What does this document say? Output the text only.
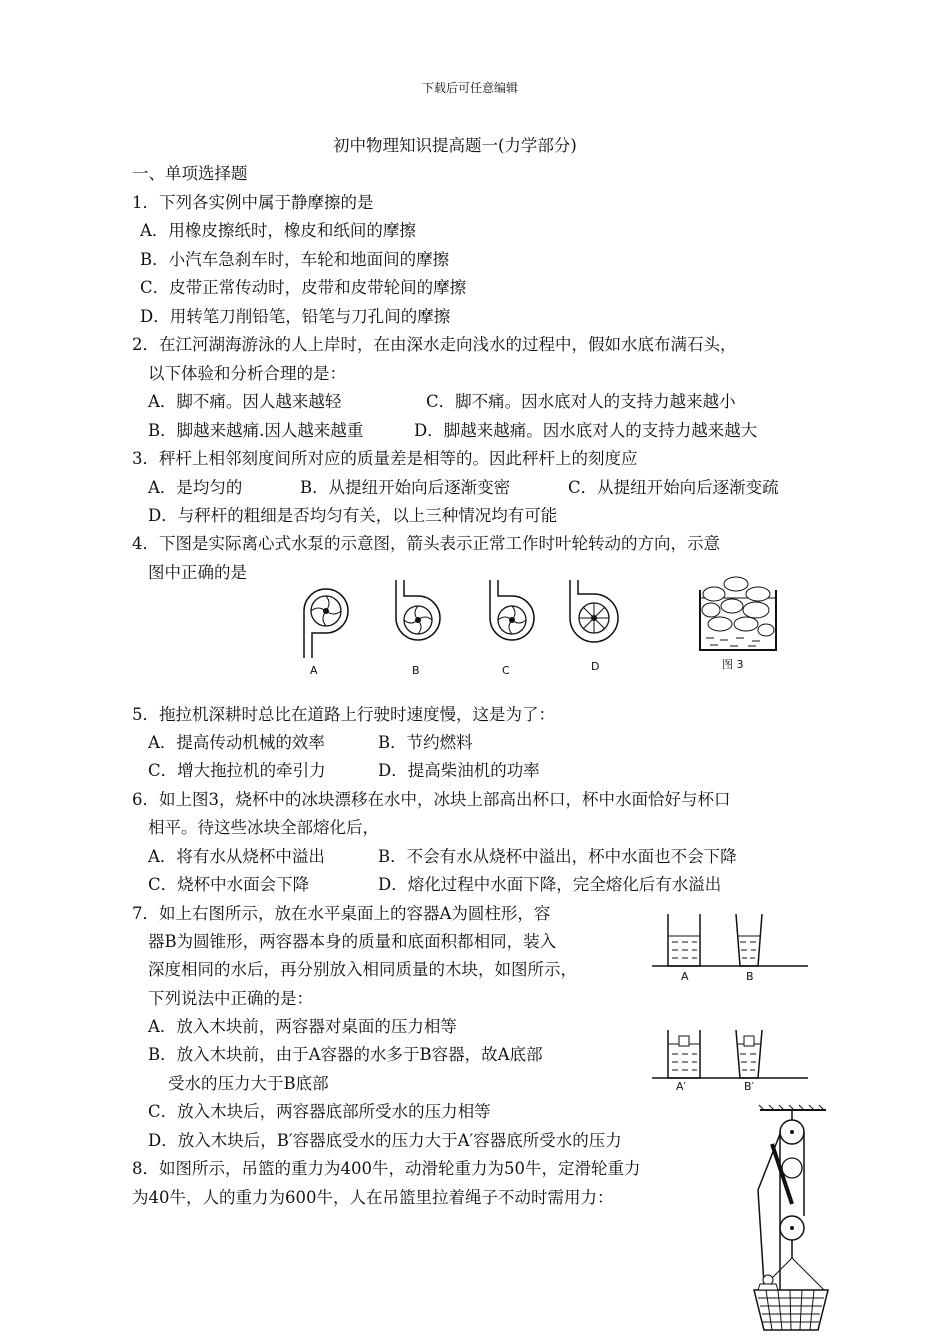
下载后可任意编辑
初中物理知识提高题一(力学部分)
一、单项选择题
1．下列各实例中属于静摩擦的是
A．用橡皮擦纸时，橡皮和纸间的摩擦
B．小汽车急刹车时，车轮和地面间的摩擦
C．皮带正常传动时，皮带和皮带轮间的摩擦
D．用转笔刀削铅笔，铅笔与刀孔间的摩擦
2．在江河湖海游泳的人上岸时，在由深水走向浅水的过程中，假如水底布满石头，
以下体验和分析合理的是：
A．脚不痛。因人越来越轻	C．脚不痛。因水底对人的支持力越来越小
B．脚越来越痛.因人越来越重	D．脚越来越痛。因水底对人的支持力越来越大
3．秤杆上相邻刻度间所对应的质量差是相等的。因此秤杆上的刻度应
A．是均匀的	B．从提纽开始向后逐渐变密	C．从提纽开始向后逐渐变疏
D．与秤杆的粗细是否均匀有关，以上三种情况均有可能
4．下图是实际离心式水泵的示意图，箭头表示正常工作时叶轮转动的方向，示意
图中正确的是
A	B	C	D	图 3
5．拖拉机深耕时总比在道路上行驶时速度慢，这是为了：
A．提高传动机械的效率	B．节约燃料
C．增大拖拉机的牵引力	D．提高柴油机的功率
6．如上图3，烧杯中的冰块漂移在水中，冰块上部高出杯口，杯中水面恰好与杯口
相平。待这些冰块全部熔化后，
A．将有水从烧杯中溢出	B．不会有水从烧杯中溢出，杯中水面也不会下降
C．烧杯中水面会下降	D．熔化过程中水面下降，完全熔化后有水溢出
7．如上右图所示，放在水平桌面上的容器A为圆柱形，容
器B为圆锥形，两容器本身的质量和底面积都相同，装入
深度相同的水后，再分别放入相同质量的木块，如图所示，
下列说法中正确的是：
A．放入木块前，两容器对桌面的压力相等
B．放入木块前，由于A容器的水多于B容器，故A底部
受水的压力大于B底部
C．放入木块后，两容器底部所受水的压力相等
D．放入木块后，B′容器底受水的压力大于A′容器底所受水的压力
A	B
A′	B′
8．如图所示，吊篮的重力为400牛，动滑轮重力为50牛，定滑轮重力
为40牛，人的重力为600牛，人在吊篮里拉着绳子不动时需用力：
